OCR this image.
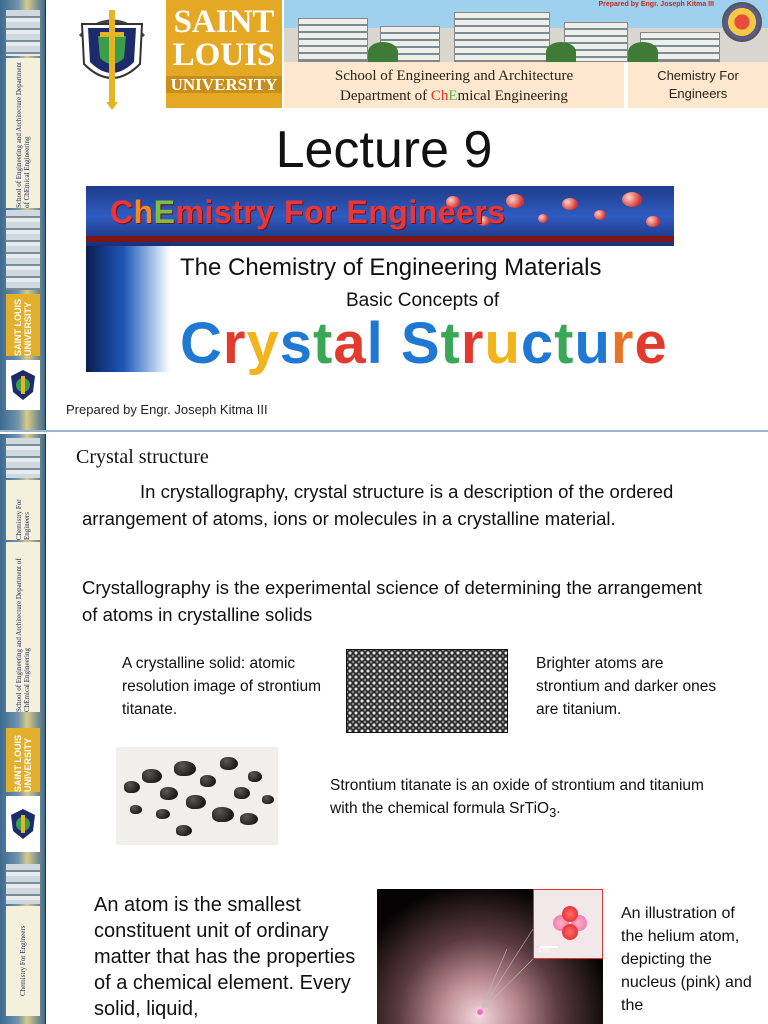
School of Engineering and Architecture Department of ChEmical Engineering
SAINT LOUIS UNIVERSITY
SAINT
LOUIS
UNIVERSITY
Prepared by Engr. Joseph Kitma III
School of Engineering and Architecture
Department of ChEmical Engineering
Chemistry For Engineers
Lecture 9
ChEmistry For Engineers
The Chemistry of Engineering Materials
Basic Concepts of
Crystal Structure
Prepared by Engr. Joseph Kitma III
Chemistry For Engineers
School of Engineering and Architecture Department of ChEmical Engineering
SAINT LOUIS UNIVERSITY
Chemistry For Engineers
Crystal structure
In crystallography, crystal structure is a description of the ordered arrangement of atoms, ions or molecules in a crystalline material.
Crystallography is the experimental science of determining the arrangement of atoms in crystalline solids
A crystalline solid: atomic resolution image of strontium titanate.
Brighter atoms are strontium and darker ones are titanium.
Strontium titanate is an oxide of strontium and titanium with the chemical formula SrTiO$_3$.
An atom is the smallest constituent unit of ordinary matter that has the properties of a chemical element. Every solid, liquid,
1 fm
An illustration of the helium atom, depicting the nucleus (pink) and the
